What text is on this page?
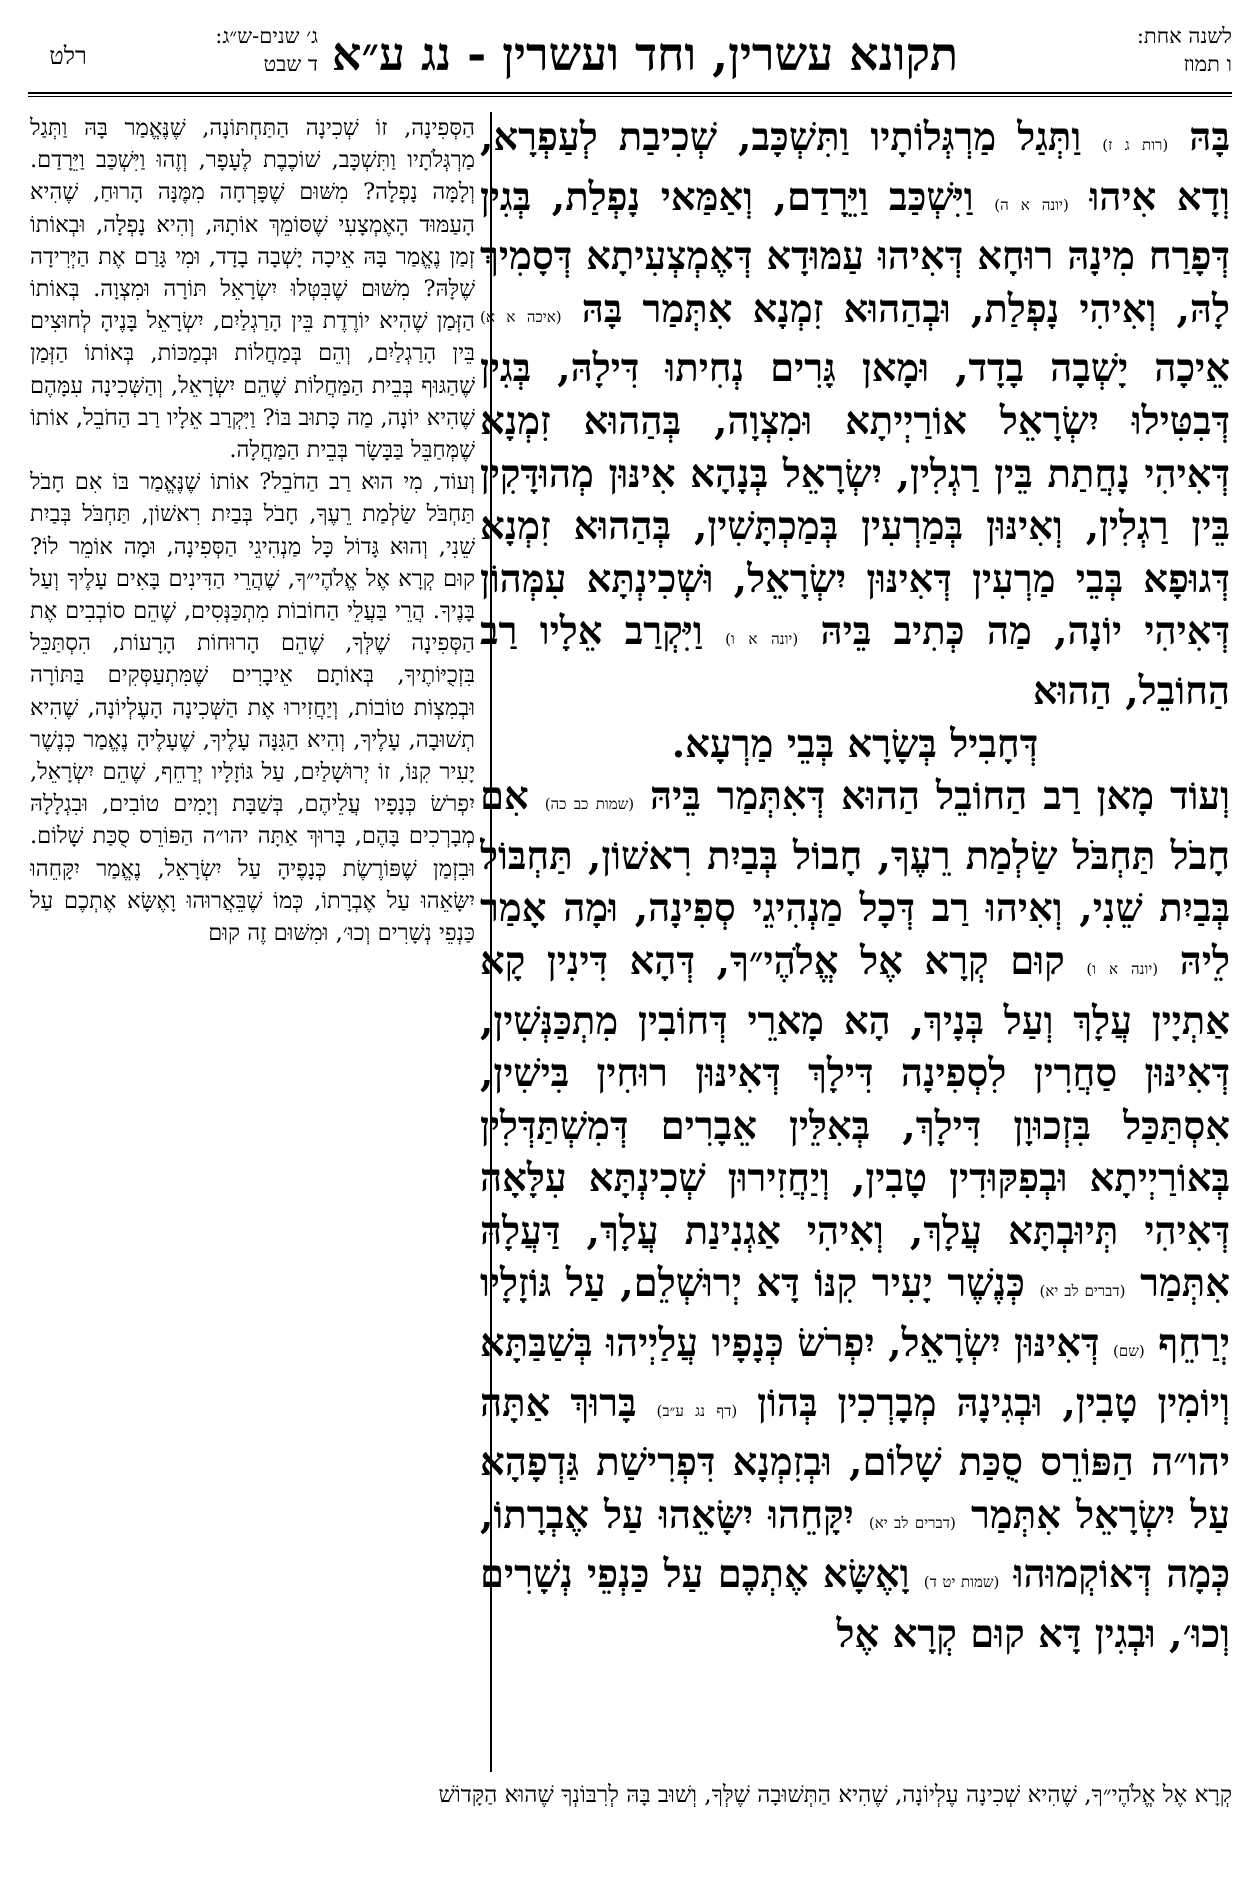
לשנה אחת:
ו תמוז
תקונא עשרין, וחד ועשרין - נג ע״א
ג׳ שנים-ש״ג:
ד שבט
רלט

בָּהּ (רות ג ז) וַתְּגַל מַרְגְּלוֹתָיו וַתִּשְׁכָּב, שְׁכִיבַת לְעַפְרָא, וְדָא אִיהוּ (יונה א ה) וַיִּשְׁכַּב וַיֵּרָדַם, וְאַמַּאי נָפְלַת, בְּגִין דְּפָרַח מִינָהּ רוּחָא דְּאִיהוּ עַמּוּדָא דְּאֶמְצְעִיתָא דְּסָמִיךְ לָהּ, וְאִיהִי נָפְלַת, וּבְהַהוּא זִמְנָא אִתְּמַר בָּהּ (איכה א א) אֵיכָה יָשְׁבָה בָדָד, וּמָאן גָּרִים נְחִיתוּ דִּילָהּ, בְּגִין דְּבִטִּילוּ יִשְׂרָאֵל אוֹרַיְיתָא וּמִצְוָה, בְּהַהוּא זִמְנָא דְּאִיהִי נָחֲתַת בֵּין רַגְלִין, יִשְׂרָאֵל בְּנָהָא אִינּוּן מְהוּדָּקִין בֵּין רַגְלִין, וְאִינּוּן בְּמַרְעִין בְּמַכְתָּשִׁין, בְּהַהוּא זִמְנָא דְּגוּפָא בְּבֵי מַרְעִין דְּאִינּוּן יִשְׂרָאֵל, וּשְׁכִינְתָּא עִמְּהוֹן דְּאִיהִי יוֹנָה, מַה כְּתִיב בֵּיהּ (יונה א ו) וַיִּקְרַב אֵלָיו רַב הַחוֹבֵל, הַהוּא

דְּחָבִיל בְּשָׂרָא בְּבֵי מַרְעָא.

וְעוֹד מָאן רַב הַחוֹבֵל הַהוּא דְּאִתְּמַר בֵּיהּ (שמות כב כה) אִם חָבֹל תַּחְבֹּל שַׂלְמַת רֵעֶךָ, חָבוֹל בְּבַיִת רִאשׁוֹן, תַּחְבּוֹל בְּבַיִת שֵׁנִי, וְאִיהוּ רַב דְּכָל מַנְהִיגֵי סְפִינָה, וּמָה אָמַר לֵיהּ (יונה א ו) קוּם קְרָא אֶל אֱלֹהֶי״ךָ, דְּהָא דִּינִין קָא אַתְיָין עֲלָךְ וְעַל בְּנָיךְ, הָא מָארֵי דְּחוֹבִין מִתְכַּנְּשִׁין, דְּאִינּוּן סַחֲרִין לִסְפִינָה דִּילָךְ דְּאִינּוּן רוּחִין בִּישִׁין, אִסְתַּכַּל בִּזְכוּוָן דִּילָךְ, בְּאִלֵּין אֵבָרִים דְּמִשְׁתַּדְּלִין בְּאוֹרַיְיתָא וּבְפִקּוּדִין טָבִין, וְיַחֲזִירוּן שְׁכִינְתָּא עִלָּאָה דְּאִיהִי תְּיוּבְתָּא עֲלָךְ, וְאִיהִי אַגְנִינַת עֲלָךְ, דַּעֲלָהּ אִתְּמַר (דברים לב יא) כְּנֶשֶׁר יָעִיר קִנּוֹ דָּא יְרוּשְׁלֵם, עַל גּוֹזָלָיו יְרַחֵף (שם) דְּאִינּוּן יִשְׂרָאֵל, יִפְרֹשׂ כְּנָפָיו עֲלַיְיהוּ בְּשַׁבַּתָּא וְיוֹמִין טָבִין, וּבְגִינָהּ מְבָרְכִין בְּהוֹן (דף נג ע״ב) בָּרוּךְ אַתָּה יהו״ה הַפּוֹרֵס סֻכַּת שָׁלוֹם, וּבְזִמְנָא דִּפְרִישַׁת גַּדְפָהָא עַל יִשְׂרָאֵל אִתְּמַר (דברים לב יא) יִקָּחֵהוּ יִשָּׂאֵהוּ עַל אֶבְרָתוֹ, כְּמָה דְּאוֹקְמוּהוּ (שמות יט ד) וָאֶשָּׂא אֶתְכֶם עַל כַּנְפֵי נְשָׁרִים וְכוּ׳, וּבְגִין דָּא קוּם קְרָא אֶל

הַסְּפִינָה, זוֹ שְׁכִינָה הַתַּחְתּוֹנָה, שֶׁנֶּאֱמַר בָּהּ וַתְּגַל מַרְגְּלֹתָיו וַתִּשְׁכָּב, שׁוֹכֶבֶת לֶעָפָר, וְזֶהוּ וַיִּשְׁכַּב וַיֵּרָדַם. וְלָמָּה נָפְלָה? מִשּׁוּם שֶׁפָּרְחָה מִמֶּנָּה הָרוּחַ, שֶׁהִיא הָעַמּוּד הָאֶמְצָעִי שֶׁסּוֹמֵךְ אוֹתָהּ, וְהִיא נָפְלָה, וּבְאוֹתוֹ זְמַן נֶאֱמַר בָּהּ אֵיכָה יָשְׁבָה בָדָד, וּמִי גָּרַם אֶת הַיְּרִידָה שֶׁלָּהּ? מִשּׁוּם שֶׁבִּטְּלוּ יִשְׂרָאֵל תּוֹרָה וּמִצְוָה. בְּאוֹתוֹ הַזְּמַן שֶׁהִיא יוֹרֶדֶת בֵּין הָרַגְלַיִם, יִשְׂרָאֵל בָּנֶיהָ לְחוּצִים בֵּין הָרַגְלַיִם, וְהֵם בְּמַחֲלוֹת וּבְמַכּוֹת, בְּאוֹתוֹ הַזְּמַן שֶׁהַגּוּף בְּבֵית הַמַּחֲלוֹת שֶׁהֵם יִשְׂרָאֵל, וְהַשְּׁכִינָה עִמָּהֶם שֶׁהִיא יוֹנָה, מַה כָּתוּב בּוֹ? וַיִּקְרַב אֵלָיו רַב הַחֹבֵל, אוֹתוֹ שֶׁמְּחַבֵּל בַּבָּשָׂר בְּבֵית הַמַּחֲלָה.

וְעוֹד, מִי הוּא רַב הַחֹבֵל? אוֹתוֹ שֶׁנֶּאֱמַר בּוֹ אִם חָבֹל תַּחְבֹּל שַׂלְמַת רֵעֶךָ, חָבֹל בְּבַיִת רִאשׁוֹן, תַּחְבֹּל בְּבַיִת שֵׁנִי, וְהוּא גָּדוֹל כָּל מַנְהִיגֵי הַסְּפִינָה, וּמָה אוֹמֵר לוֹ? קוּם קְרָא אֶל אֱלֹהֶי״ךָ, שֶׁהֲרֵי הַדִּינִים בָּאִים עָלֶיךָ וְעַל בָּנֶיךָ. הֲרֵי בַּעֲלֵי הַחוֹבוֹת מִתְכַּנְּסִים, שֶׁהֵם סוֹבְבִים אֶת הַסְּפִינָה שֶׁלְּךָ, שֶׁהֵם הָרוּחוֹת הָרָעוֹת, הִסְתַּכֵּל בִּזְכֻיּוֹתֶיךָ, בְּאוֹתָם אֵיבָרִים שֶׁמִּתְעַסְּקִים בַּתּוֹרָה וּבְמִצְוֹת טוֹבוֹת, וְיַחֲזִירוּ אֶת הַשְּׁכִינָה הָעֶלְיוֹנָה, שֶׁהִיא תְשׁוּבָה, עָלֶיךָ, וְהִיא הַגִּנָּה עָלֶיךָ, שֶׁעָלֶיהָ נֶאֱמַר כְּנֶשֶׁר יָעִיר קִנּוֹ, זוֹ יְרוּשָׁלַיִם, עַל גּוֹזָלָיו יְרַחֵף, שֶׁהֵם יִשְׂרָאֵל, יִפְרֹשׂ כְּנָפָיו עֲלֵיהֶם, בְּשַׁבָּת וְיָמִים טוֹבִים, וּבִגְלָלָהּ מְבָרְכִים בָּהֶם, בָּרוּךְ אַתָּה יהו״ה הַפּוֹרֵס סֻכַּת שָׁלוֹם. וּבִזְמַן שֶׁפּוֹרֶשֶׂת כְּנָפֶיהָ עַל יִשְׂרָאֵל, נֶאֱמַר יִקָּחֵהוּ יִשָּׂאֵהוּ עַל אֶבְרָתוֹ, כְּמוֹ שֶׁבֵּאֲרוּהוּ וָאֶשָּׂא אֶתְכֶם עַל כַּנְפֵי נְשָׁרִים וְכוּ׳, וּמִשּׁוּם זֶה קוּם

קְרָא אֶל אֱלֹהֶי״ךָ, שֶׁהִיא שְׁכִינָה עֶלְיוֹנָה, שֶׁהִיא הַתְּשׁוּבָה שֶׁלְּךָ, וְשׁוּב בָּהּ לְרִבּוֹנְךָ שֶׁהוּא הַקָּדוֹשׁ
